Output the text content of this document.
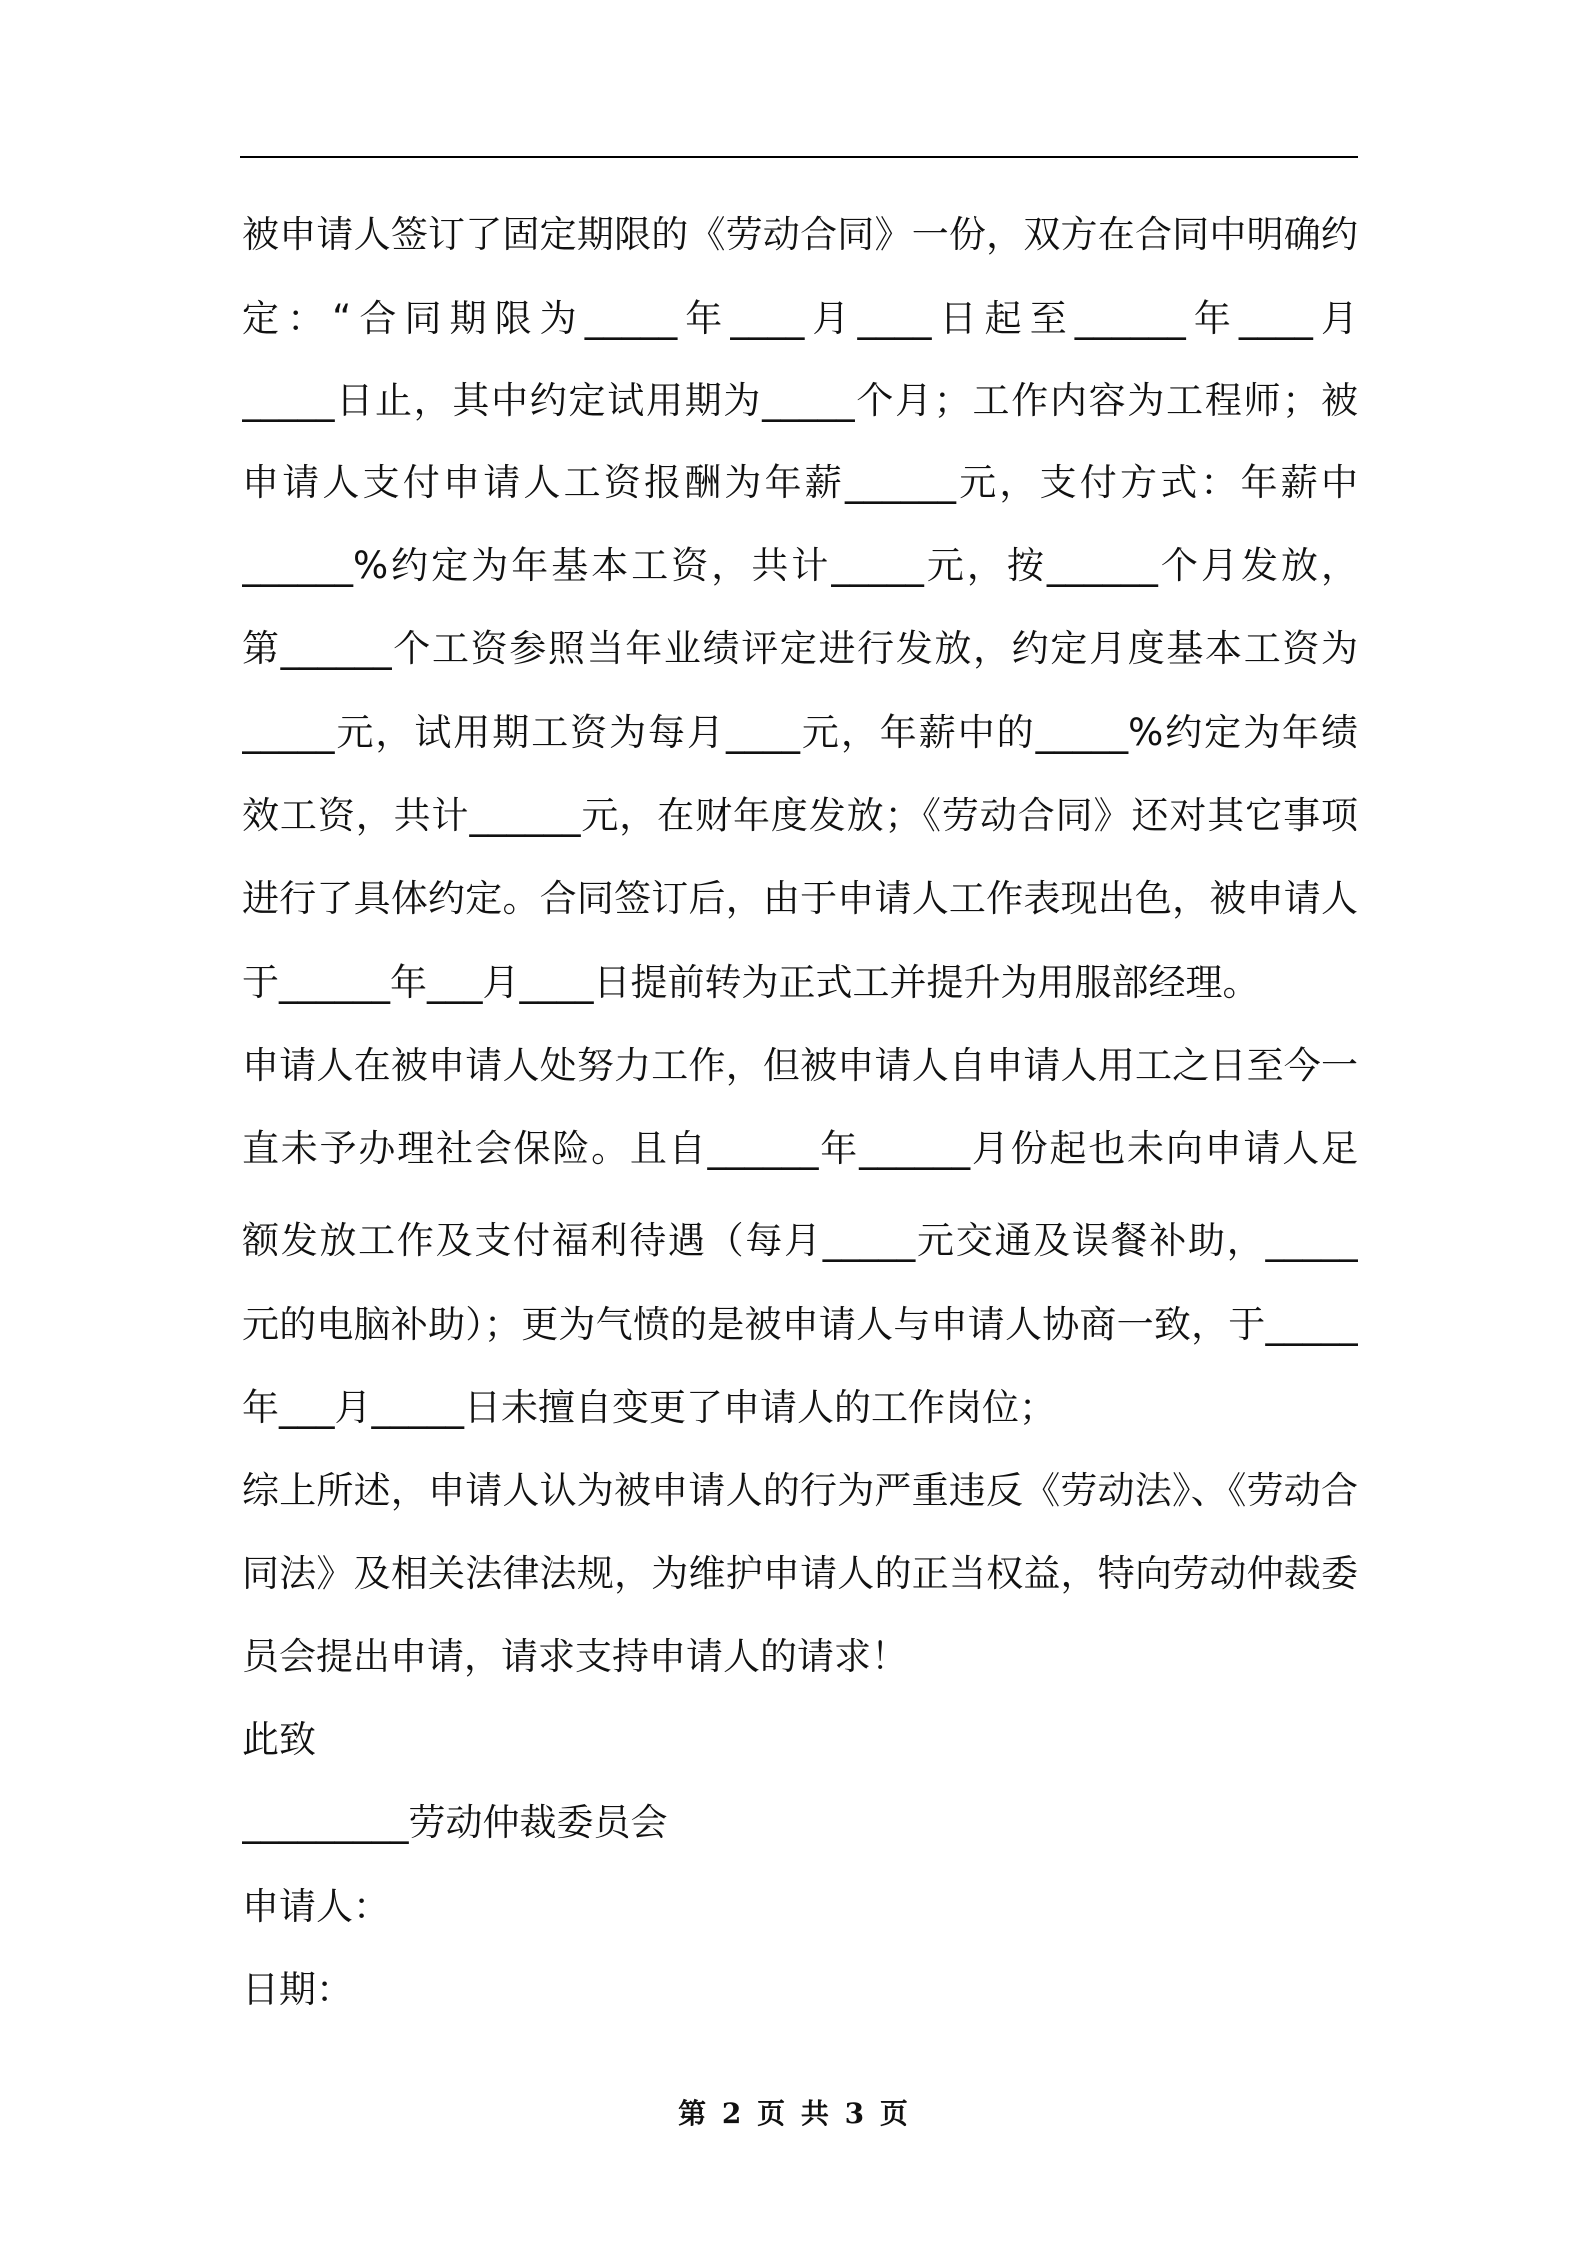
被申请人签订了固定期限的《劳动合同》一份，双方在合同中明确约
定：“合同期限为_____年____月____日起至______年____月
_____日止，其中约定试用期为_____个月；工作内容为工程师；被
申请人支付申请人工资报酬为年薪______元，支付方式：年薪中
______%约定为年基本工资，共计_____元，按______个月发放，
第______个工资参照当年业绩评定进行发放，约定月度基本工资为
_____元，试用期工资为每月____元，年薪中的_____%约定为年绩
效工资，共计______元，在财年度发放；《劳动合同》还对其它事项
进行了具体约定。合同签订后，由于申请人工作表现出色，被申请人
于______年___月____日提前转为正式工并提升为用服部经理。
申请人在被申请人处努力工作，但被申请人自申请人用工之日至今一
直未予办理社会保险。且自______年______月份起也未向申请人足
额发放工作及支付福利待遇（每月_____元交通及误餐补助，_____
元的电脑补助）；更为气愤的是被申请人与申请人协商一致，于_____
年___月_____日未擅自变更了申请人的工作岗位；
综上所述，申请人认为被申请人的行为严重违反《劳动法》、《劳动合
同法》及相关法律法规，为维护申请人的正当权益，特向劳动仲裁委
员会提出申请，请求支持申请人的请求！
此致
_________劳动仲裁委员会
申请人：
日期：
第 2 页 共 3 页
